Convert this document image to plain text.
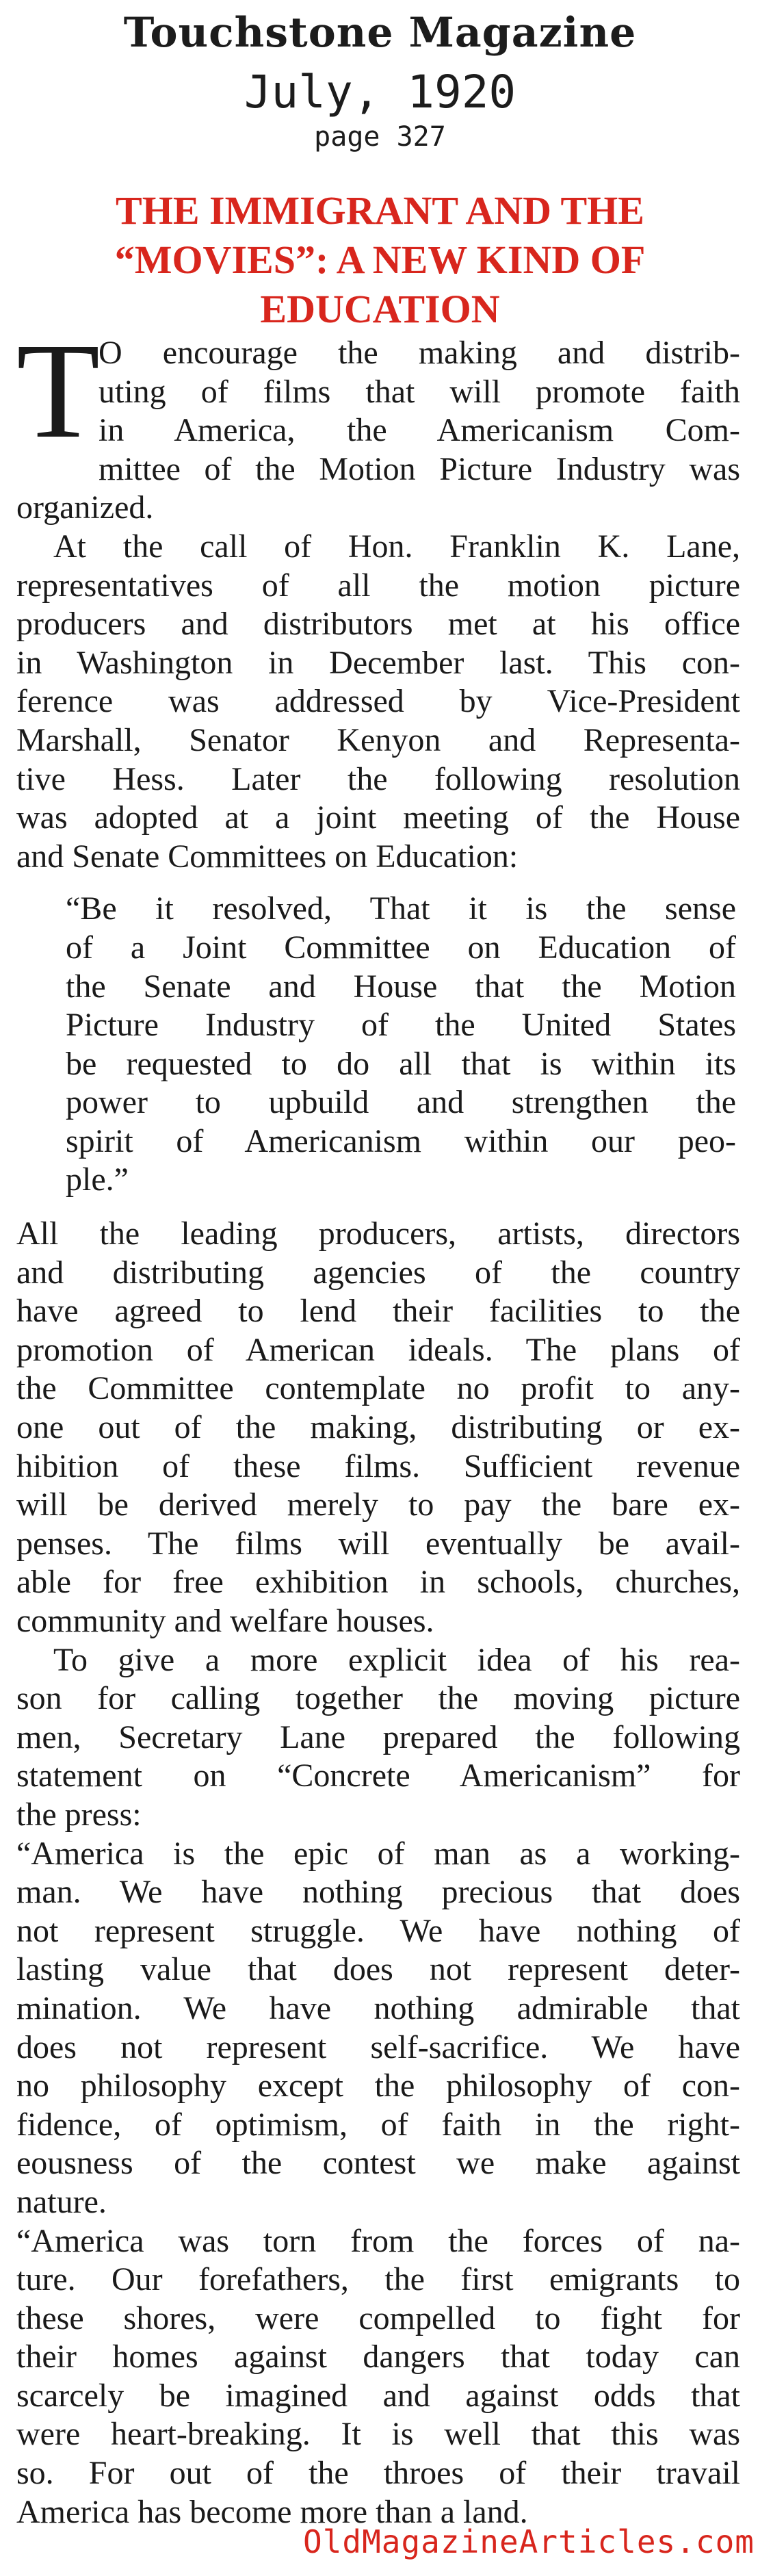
Touchstone Magazine
July, 1920
page 327
THE IMMIGRANT AND THE
“MOVIES”: A NEW KIND OF
EDUCATION
T
O encourage the making and distrib-
uting of films that will promote faith
in America, the Americanism Com-
mittee of the Motion Picture Industry was
organized.
At the call of Hon. Franklin K. Lane,
representatives of all the motion picture
producers and distributors met at his office
in Washington in December last. This con-
ference was addressed by Vice-President
Marshall, Senator Kenyon and Representa-
tive Hess. Later the following resolution
was adopted at a joint meeting of the House
and Senate Committees on Education:
“Be it resolved, That it is the sense
of a Joint Committee on Education of
the Senate and House that the Motion
Picture Industry of the United States
be requested to do all that is within its
power to upbuild and strengthen the
spirit of Americanism within our peo-
ple.”
All the leading producers, artists, directors
and distributing agencies of the country
have agreed to lend their facilities to the
promotion of American ideals. The plans of
the Committee contemplate no profit to any-
one out of the making, distributing or ex-
hibition of these films. Sufficient revenue
will be derived merely to pay the bare ex-
penses. The films will eventually be avail-
able for free exhibition in schools, churches,
community and welfare houses.
To give a more explicit idea of his rea-
son for calling together the moving picture
men, Secretary Lane prepared the following
statement on “Concrete Americanism” for
the press:
“America is the epic of man as a working-
man. We have nothing precious that does
not represent struggle. We have nothing of
lasting value that does not represent deter-
mination. We have nothing admirable that
does not represent self-sacrifice. We have
no philosophy except the philosophy of con-
fidence, of optimism, of faith in the right-
eousness of the contest we make against
nature.
“America was torn from the forces of na-
ture. Our forefathers, the first emigrants to
these shores, were compelled to fight for
their homes against dangers that today can
scarcely be imagined and against odds that
were heart-breaking. It is well that this was
so. For out of the throes of their travail
America has become more than a land.
OldMagazineArticles.com
